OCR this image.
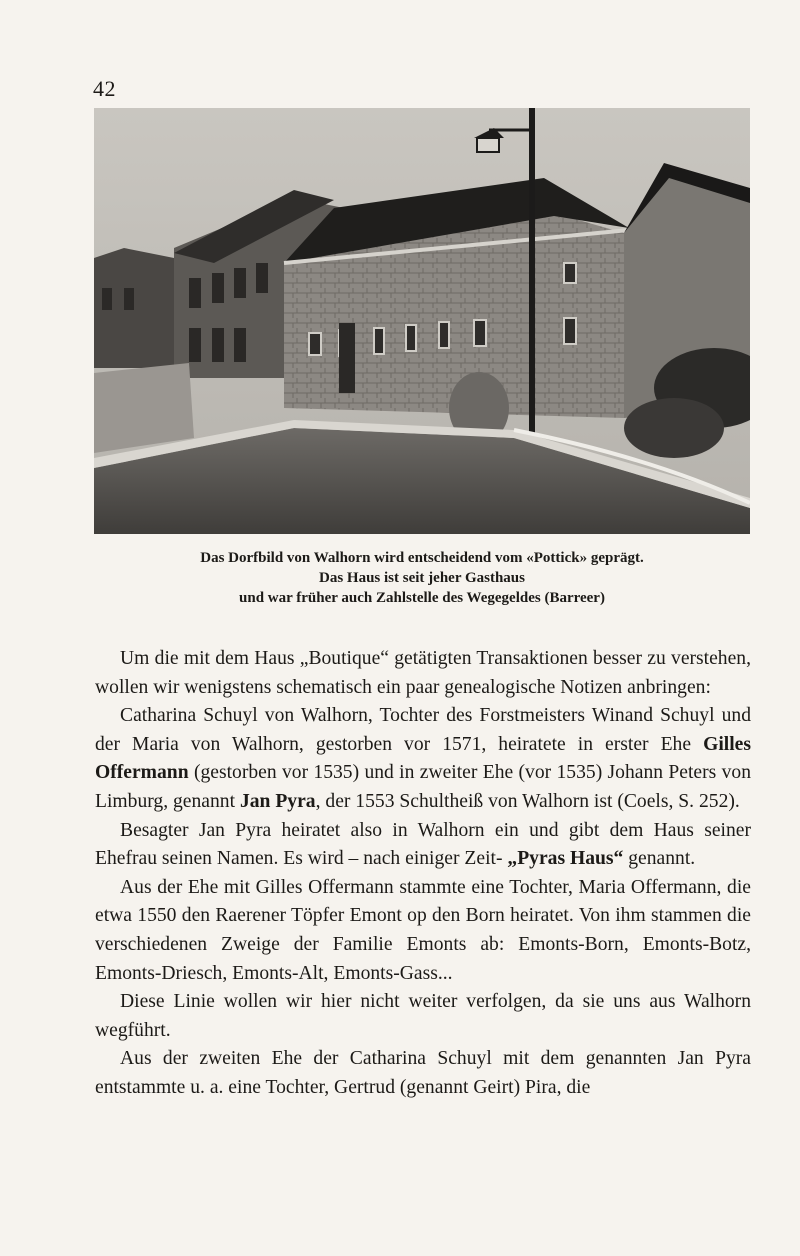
42
Das Dorfbild von Walhorn wird entscheidend vom «Pottick» geprägt.
Das Haus ist seit jeher Gasthaus
und war früher auch Zahlstelle des Wegegeldes (Barreer)

Um die mit dem Haus „Boutique“ getätigten Transaktionen besser zu verstehen, wollen wir wenigstens schematisch ein paar genealogische Notizen anbringen:

Catharina Schuyl von Walhorn, Tochter des Forstmeisters Winand Schuyl und der Maria von Walhorn, gestorben vor 1571, heiratete in erster Ehe Gilles Offermann (gestorben vor 1535) und in zweiter Ehe (vor 1535) Johann Peters von Limburg, genannt Jan Pyra, der 1553 Schultheiß von Walhorn ist (Coels, S. 252).

Besagter Jan Pyra heiratet also in Walhorn ein und gibt dem Haus seiner Ehefrau seinen Namen. Es wird – nach einiger Zeit- „Pyras Haus“ genannt.

Aus der Ehe mit Gilles Offermann stammte eine Tochter, Maria Offermann, die etwa 1550 den Raerener Töpfer Emont op den Born heiratet. Von ihm stammen die verschiedenen Zweige der Familie Emonts ab: Emonts-Born, Emonts-Botz, Emonts-Driesch, Emonts-Alt, Emonts-Gass...

Diese Linie wollen wir hier nicht weiter verfolgen, da sie uns aus Walhorn wegführt.

Aus der zweiten Ehe der Catharina Schuyl mit dem genannten Jan Pyra entstammte u. a. eine Tochter, Gertrud (genannt Geirt) Pira, die
